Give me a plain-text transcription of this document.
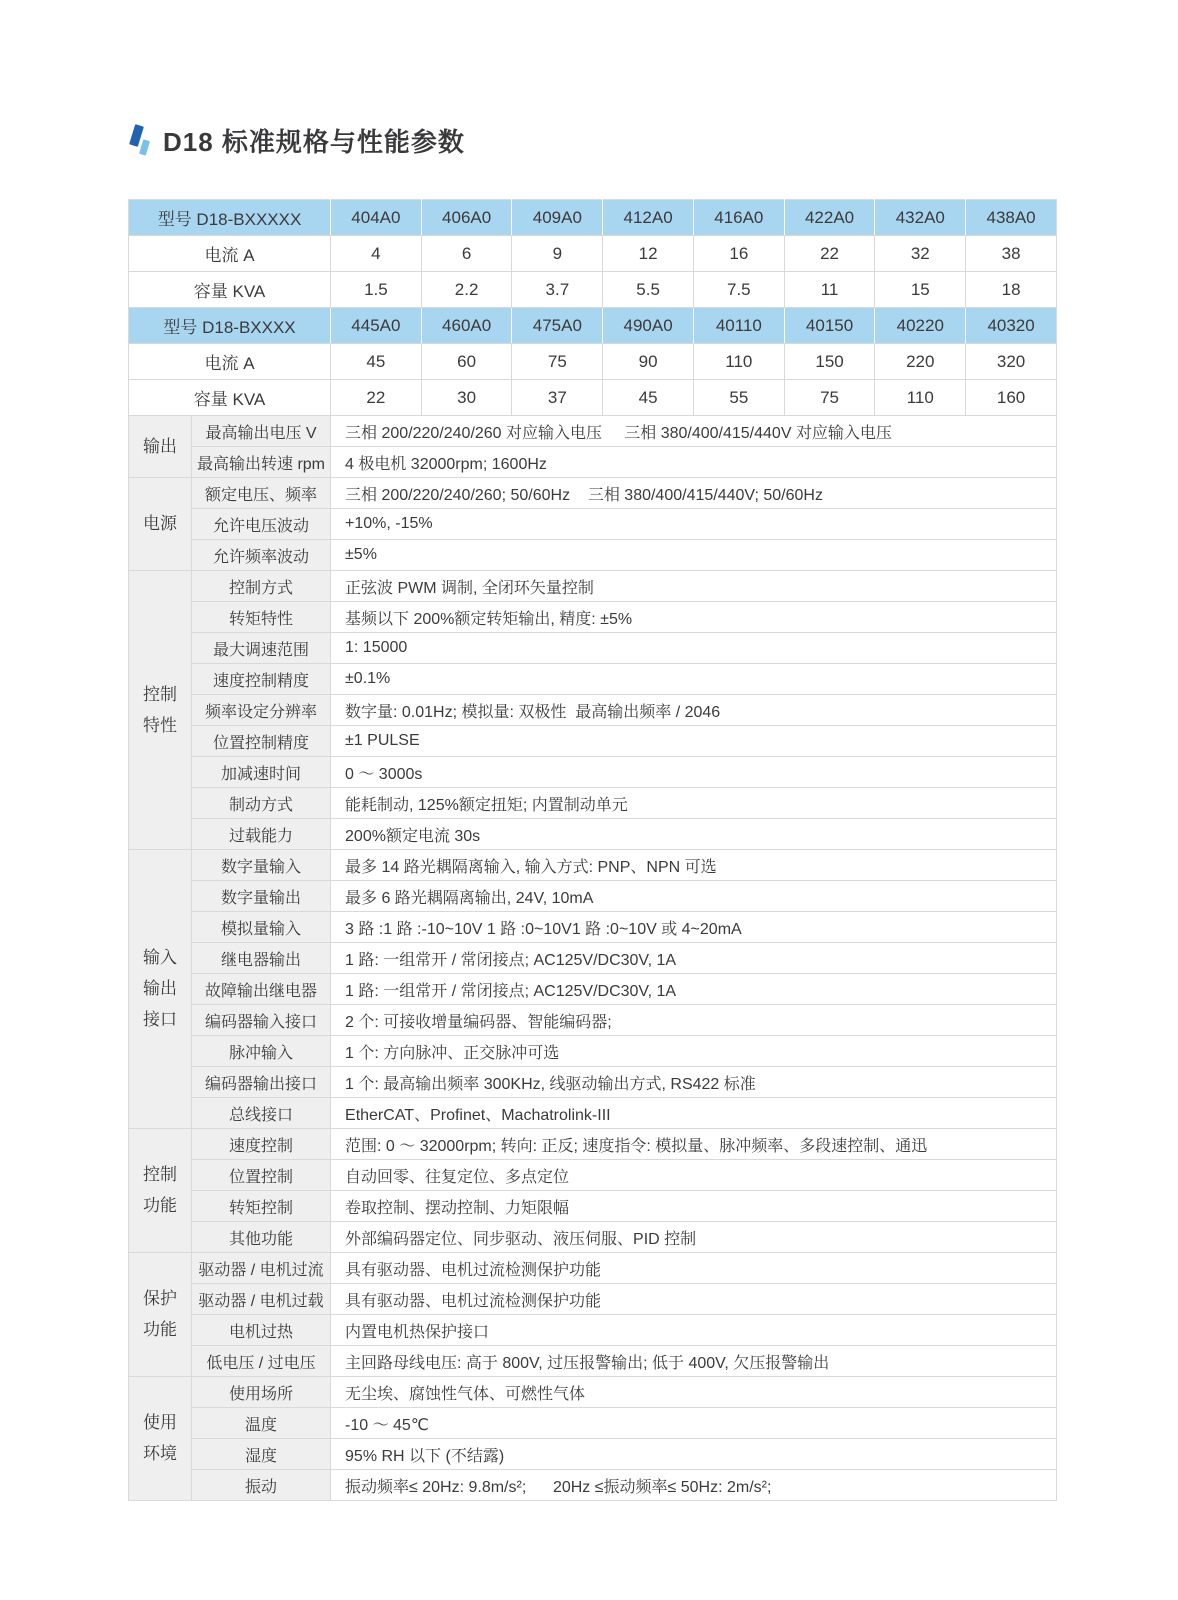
D18 标准规格与性能参数
型号 D18-BXXXXX		404A0	406A0	409A0	412A0	416A0	422A0	432A0	438A0
电流 A		4	6	9	12	16	22	32	38
容量 KVA		1.5	2.2	3.7	5.5	7.5	11	15	18
型号 D18-BXXXX		445A0	460A0	475A0	490A0	40110	40150	40220	40320
电流 A		45	60	75	90	110	150	220	320
容量 KVA		22	30	37	45	55	75	110	160

输出	最高输出电压 V	三相 200/220/240/260 对应输入电压     三相 380/400/415/440V 对应输入电压							
	最高输出转速 rpm	4 极电机 32000rpm; 1600Hz							

电源	额定电压、频率	三相 200/220/240/260; 50/60Hz    三相 380/400/415/440V; 50/60Hz							
	允许电压波动	+10%, -15%							
	允许频率波动	±5%							

控制
特性	控制方式	正弦波 PWM 调制, 全闭环矢量控制							
	转矩特性	基频以下 200%额定转矩输出, 精度: ±5%							
	最大调速范围	1: 15000							
	速度控制精度	±0.1%							
	频率设定分辨率	数字量: 0.01Hz; 模拟量: 双极性  最高输出频率 / 2046							
	位置控制精度	±1 PULSE							
	加减速时间	0 ～ 3000s							
	制动方式	能耗制动, 125%额定扭矩; 内置制动单元							
	过载能力	200%额定电流 30s							

输入
输出
接口	数字量输入	最多 14 路光耦隔离输入, 输入方式: PNP、NPN 可选							
	数字量输出	最多 6 路光耦隔离输出, 24V, 10mA							
	模拟量输入	3 路 :1 路 :-10~10V 1 路 :0~10V1 路 :0~10V 或 4~20mA							
	继电器输出	1 路: 一组常开 / 常闭接点; AC125V/DC30V, 1A							
	故障输出继电器	1 路: 一组常开 / 常闭接点; AC125V/DC30V, 1A							
	编码器输入接口	2 个: 可接收增量编码器、智能编码器;							
	脉冲输入	1 个: 方向脉冲、正交脉冲可选							
	编码器输出接口	1 个: 最高输出频率 300KHz, 线驱动输出方式, RS422 标准							
	总线接口	EtherCAT、Profinet、Machatrolink-III							

控制
功能	速度控制	范围: 0 ～ 32000rpm; 转向: 正反; 速度指令: 模拟量、脉冲频率、多段速控制、通迅							
	位置控制	自动回零、往复定位、多点定位							
	转矩控制	卷取控制、摆动控制、力矩限幅							
	其他功能	外部编码器定位、同步驱动、液压伺服、PID 控制							

保护
功能	驱动器 / 电机过流	具有驱动器、电机过流检测保护功能							
	驱动器 / 电机过载	具有驱动器、电机过流检测保护功能							
	电机过热	内置电机热保护接口							
	低电压 / 过电压	主回路母线电压: 高于 800V, 过压报警输出; 低于 400V, 欠压报警输出							

使用
环境	使用场所	无尘埃、腐蚀性气体、可燃性气体							
	温度	-10 ～ 45℃							
	湿度	95% RH 以下 (不结露)							
	振动	振动频率≤ 20Hz: 9.8m/s²;      20Hz ≤振动频率≤ 50Hz: 2m/s²;							
